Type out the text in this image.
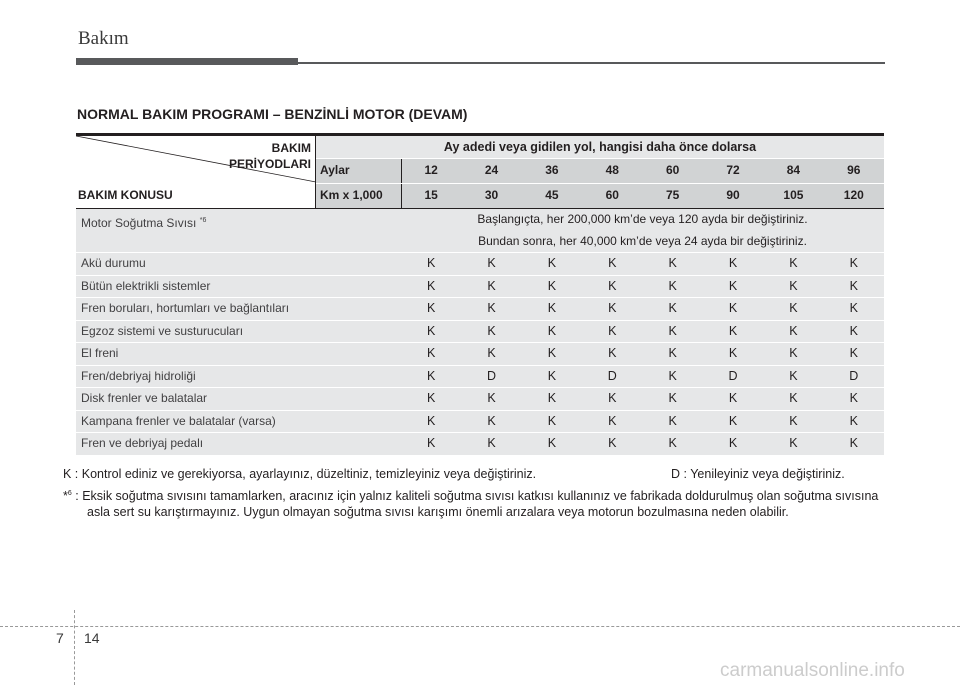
Bakım
NORMAL BAKIM PROGRAMI – BENZİNLİ MOTOR (DEVAM)
BAKIM
PERİYODLARI
BAKIM KONUSU
Ay adedi veya gidilen yol, hangisi daha önce dolarsa
Aylar	12	24	36	48	60	72	84	96
Km x 1,000	15	30	45	60	75	90	105	120
Motor Soğutma Sıvısı $^{*6}$	Başlangıçta, her 200,000 km’de veya 120 ayda bir değiştiriniz.
Bundan sonra, her 40,000 km’de veya 24 ayda bir değiştiriniz.
Akü durumu	K	K	K	K	K	K	K	K
Bütün elektrikli sistemler	K	K	K	K	K	K	K	K
Fren boruları, hortumları ve bağlantıları	K	K	K	K	K	K	K	K
Egzoz sistemi ve susturucuları	K	K	K	K	K	K	K	K
El freni	K	K	K	K	K	K	K	K
Fren/debriyaj hidroliği	K	D	K	D	K	D	K	D
Disk frenler ve balatalar	K	K	K	K	K	K	K	K
Kampana frenler ve balatalar (varsa)	K	K	K	K	K	K	K	K
Fren ve debriyaj pedalı	K	K	K	K	K	K	K	K
K : Kontrol ediniz ve gerekiyorsa, ayarlayınız, düzeltiniz, temizleyiniz veya değiştiriniz.	D : Yenileyiniz veya değiştiriniz.
*$^6$ : Eksik soğutma sıvısını tamamlarken, aracınız için yalnız kaliteli soğutma sıvısı katkısı kullanınız ve fabrikada doldurulmuş olan soğutma sıvısına asla sert su karıştırmayınız. Uygun olmayan soğutma sıvısı karışımı önemli arızalara veya motorun bozulmasına neden olabilir.
7 14
carmanualsonline.info
